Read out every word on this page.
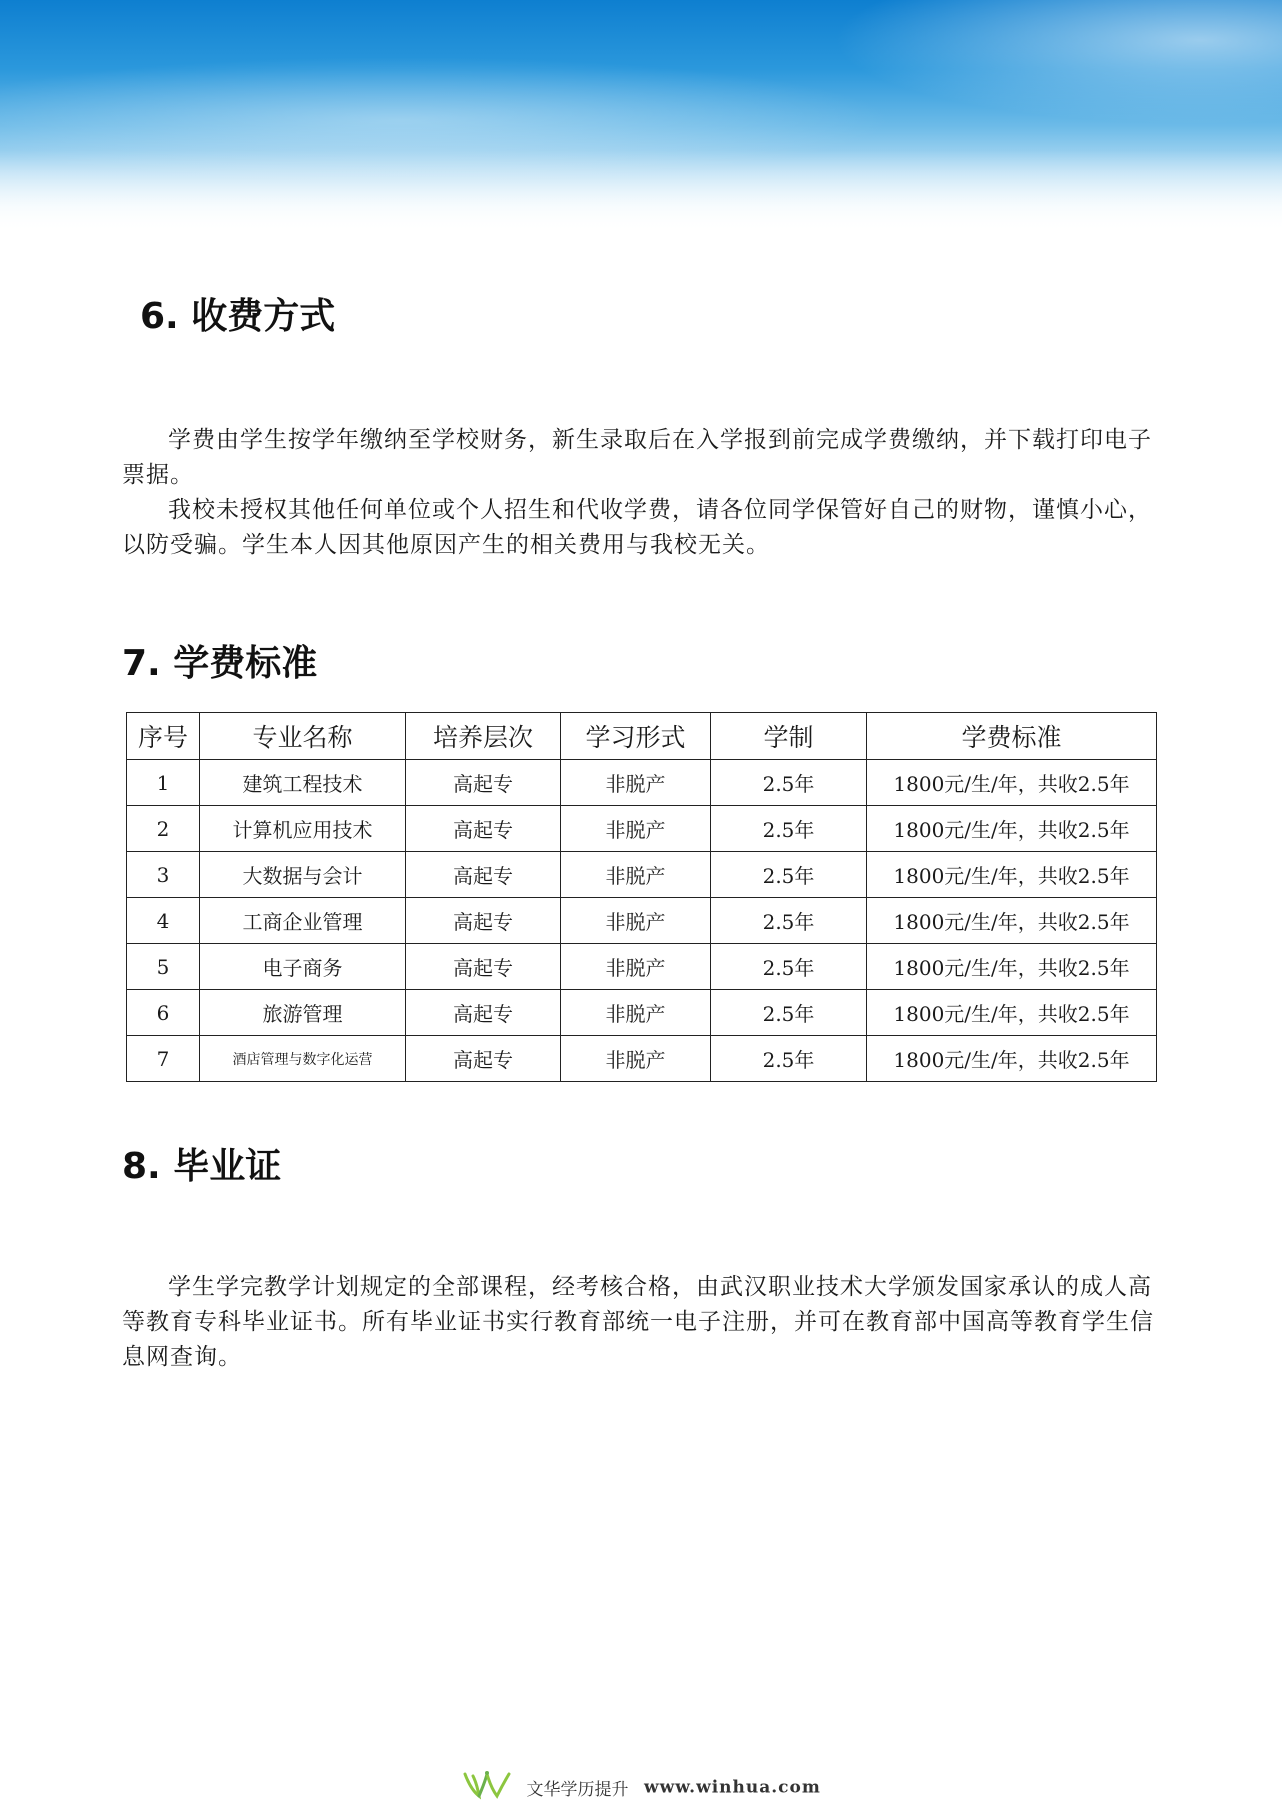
6. 收费方式

学费由学生按学年缴纳至学校财务，新生录取后在入学报到前完成学费缴纳，并下载打印电子票据。

我校未授权其他任何单位或个人招生和代收学费，请各位同学保管好自己的财物，谨慎小心，以防受骗。学生本人因其他原因产生的相关费用与我校无关。

7. 学费标准
序号	专业名称	培养层次	学习形式	学制	学费标准
1	建筑工程技术	高起专	非脱产	2.5年	1800元/生/年，共收2.5年
2	计算机应用技术	高起专	非脱产	2.5年	1800元/生/年，共收2.5年
3	大数据与会计	高起专	非脱产	2.5年	1800元/生/年，共收2.5年
4	工商企业管理	高起专	非脱产	2.5年	1800元/生/年，共收2.5年
5	电子商务	高起专	非脱产	2.5年	1800元/生/年，共收2.5年
6	旅游管理	高起专	非脱产	2.5年	1800元/生/年，共收2.5年
7	酒店管理与数字化运营	高起专	非脱产	2.5年	1800元/生/年，共收2.5年
8. 毕业证

学生学完教学计划规定的全部课程，经考核合格，由武汉职业技术大学颁发国家承认的成人高等教育专科毕业证书。所有毕业证书实行教育部统一电子注册，并可在教育部中国高等教育学生信息网查询。

文华学历提升 www.winhua.com
